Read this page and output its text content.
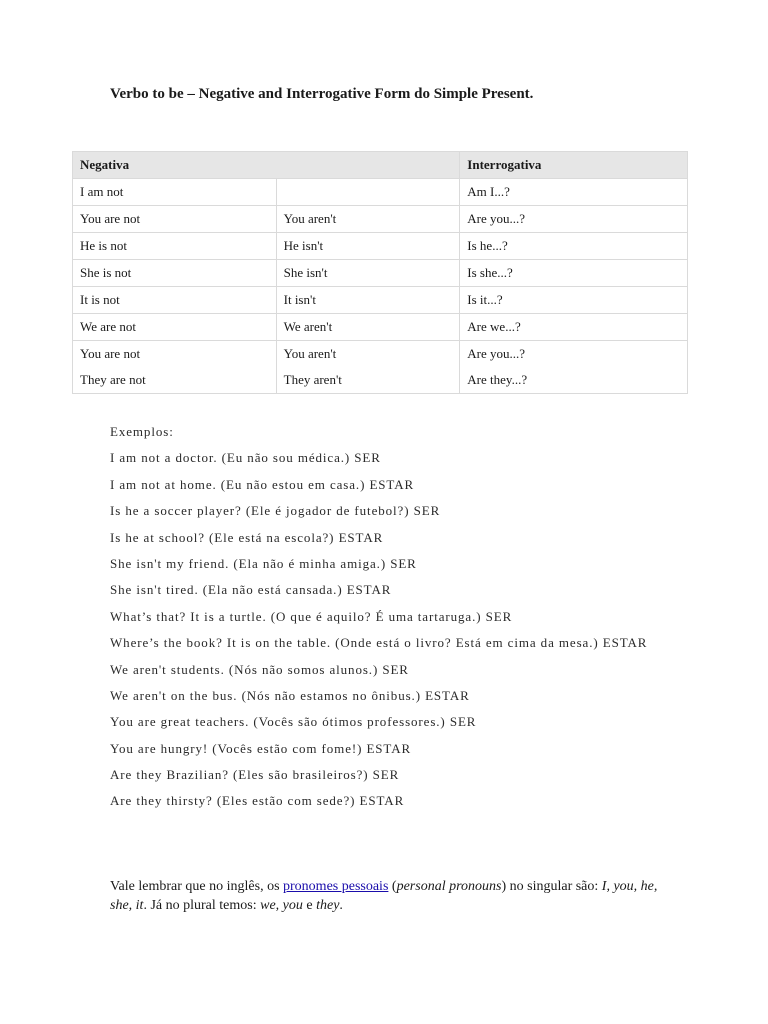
Verbo to be – Negative and Interrogative Form do Simple Present.
Negativa		Interrogativa
I am not		Am I...?
You are not	You aren't	Are you...?
He is not	He isn't	Is he...?
She is not	She isn't	Is she...?
It is not	It isn't	Is it...?
We are not	We aren't	Are we...?
You are not	You aren't	Are you...?
They are not	They aren't	Are they...?
Exemplos:
I am not a doctor. (Eu não sou médica.) SER
I am not at home. (Eu não estou em casa.) ESTAR
Is he a soccer player? (Ele é jogador de futebol?) SER
Is he at school? (Ele está na escola?) ESTAR
She isn't my friend. (Ela não é minha amiga.) SER
She isn't tired. (Ela não está cansada.) ESTAR
What’s that? It is a turtle. (O que é aquilo? É uma tartaruga.) SER
Where’s the book? It is on the table. (Onde está o livro? Está em cima da mesa.) ESTAR
We aren't students. (Nós não somos alunos.) SER
We aren't on the bus. (Nós não estamos no ônibus.) ESTAR
You are great teachers. (Vocês são ótimos professores.) SER
You are hungry! (Vocês estão com fome!) ESTAR
Are they Brazilian? (Eles são brasileiros?) SER
Are they thirsty? (Eles estão com sede?) ESTAR

Vale lembrar que no inglês, os pronomes pessoais (personal pronouns) no singular são: I, you, he, she, it. Já no plural temos: we, you e they.
